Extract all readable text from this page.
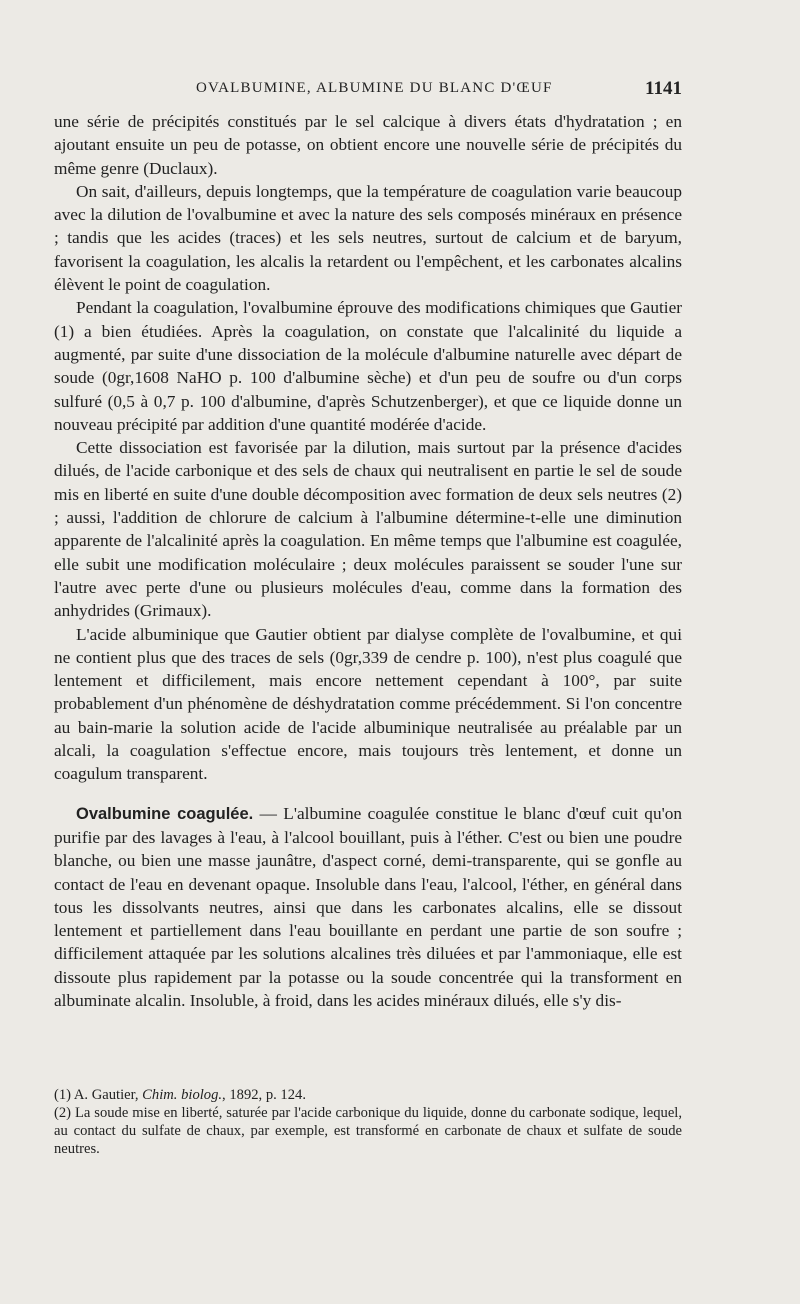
OVALBUMINE, ALBUMINE DU BLANC D'ŒUF	1141

une série de précipités constitués par le sel calcique à divers états d'hydratation ; en ajoutant ensuite un peu de potasse, on obtient encore une nouvelle série de précipités du même genre (Duclaux).

On sait, d'ailleurs, depuis longtemps, que la température de coagulation varie beaucoup avec la dilution de l'ovalbumine et avec la nature des sels composés minéraux en présence ; tandis que les acides (traces) et les sels neutres, surtout de calcium et de baryum, favorisent la coagulation, les alcalis la retardent ou l'empêchent, et les carbonates alcalins élèvent le point de coagulation.

Pendant la coagulation, l'ovalbumine éprouve des modifications chimiques que Gautier (1) a bien étudiées. Après la coagulation, on constate que l'alcalinité du liquide a augmenté, par suite d'une dissociation de la molécule d'albumine naturelle avec départ de soude (0gr,1608 NaHO p. 100 d'albumine sèche) et d'un peu de soufre ou d'un corps sulfuré (0,5 à 0,7 p. 100 d'albumine, d'après Schutzenberger), et que ce liquide donne un nouveau précipité par addition d'une quantité modérée d'acide.

Cette dissociation est favorisée par la dilution, mais surtout par la présence d'acides dilués, de l'acide carbonique et des sels de chaux qui neutralisent en partie le sel de soude mis en liberté en suite d'une double décomposition avec formation de deux sels neutres (2) ; aussi, l'addition de chlorure de calcium à l'albumine détermine-t-elle une diminution apparente de l'alcalinité après la coagulation. En même temps que l'albumine est coagulée, elle subit une modification moléculaire ; deux molécules paraissent se souder l'une sur l'autre avec perte d'une ou plusieurs molécules d'eau, comme dans la formation des anhydrides (Grimaux).

L'acide albuminique que Gautier obtient par dialyse complète de l'ovalbumine, et qui ne contient plus que des traces de sels (0gr,339 de cendre p. 100), n'est plus coagulé que lentement et difficilement, mais encore nettement cependant à 100°, par suite probablement d'un phénomène de déshydratation comme précédemment. Si l'on concentre au bain-marie la solution acide de l'acide albuminique neutralisée au préalable par un alcali, la coagulation s'effectue encore, mais toujours très lentement, et donne un coagulum transparent.

Ovalbumine coagulée. — L'albumine coagulée constitue le blanc d'œuf cuit qu'on purifie par des lavages à l'eau, à l'alcool bouillant, puis à l'éther. C'est ou bien une poudre blanche, ou bien une masse jaunâtre, d'aspect corné, demi-transparente, qui se gonfle au contact de l'eau en devenant opaque. Insoluble dans l'eau, l'alcool, l'éther, en général dans tous les dissolvants neutres, ainsi que dans les carbonates alcalins, elle se dissout lentement et partiellement dans l'eau bouillante en perdant une partie de son soufre ; difficilement attaquée par les solutions alcalines très diluées et par l'ammoniaque, elle est dissoute plus rapidement par la potasse ou la soude concentrée qui la transforment en albuminate alcalin. Insoluble, à froid, dans les acides minéraux dilués, elle s'y dis-

(1) A. Gautier, Chim. biolog., 1892, p. 124.

(2) La soude mise en liberté, saturée par l'acide carbonique du liquide, donne du carbonate sodique, lequel, au contact du sulfate de chaux, par exemple, est transformé en carbonate de chaux et sulfate de soude neutres.
